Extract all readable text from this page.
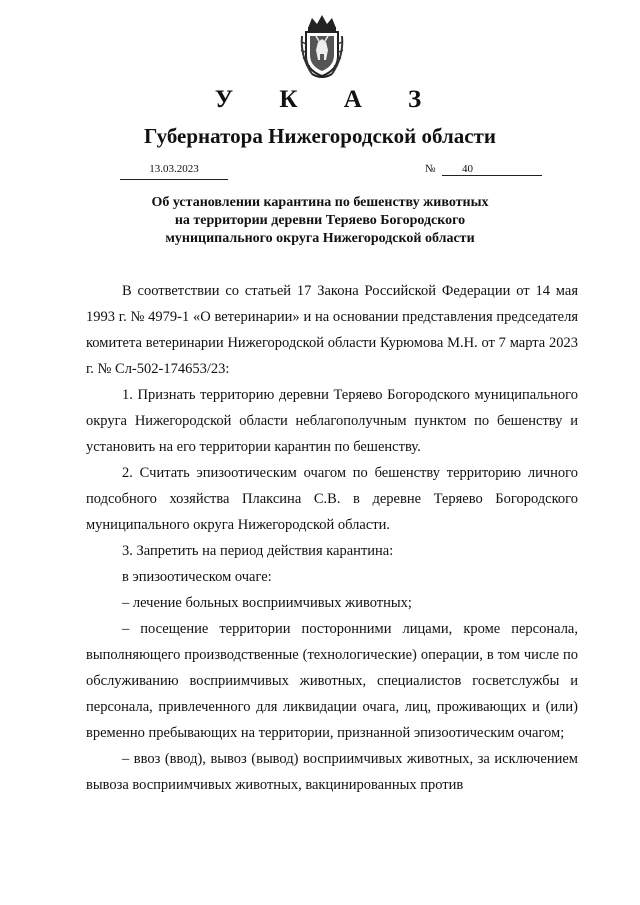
У К А З
Губернатора Нижегородской области
13.03.2023	№	40
Об установлении карантина по бешенству животных
на территории деревни Теряево Богородского
муниципального округа Нижегородской области

В соответствии со статьей 17 Закона Российской Федерации от 14 мая 1993 г. № 4979-1 «О ветеринарии» и на основании представления председателя комитета ветеринарии Нижегородской области Курюмова М.Н. от 7 марта 2023 г. № Сл-502-174653/23:

1. Признать территорию деревни Теряево Богородского муниципального округа Нижегородской области неблагополучным пунктом по бешенству и установить на его территории карантин по бешенству.

2. Считать эпизоотическим очагом по бешенству территорию личного подсобного хозяйства Плаксина С.В. в деревне Теряево Богородского муниципального округа Нижегородской области.

3. Запретить на период действия карантина:

в эпизоотическом очаге:

– лечение больных восприимчивых животных;

– посещение территории посторонними лицами, кроме персонала, выполняющего производственные (технологические) операции, в том числе по обслуживанию восприимчивых животных, специалистов госветслужбы и персонала, привлеченного для ликвидации очага, лиц, проживающих и (или) временно пребывающих на территории, признанной эпизоотическим очагом;

– ввоз (ввод), вывоз (вывод) восприимчивых животных, за исключением вывоза восприимчивых животных, вакцинированных против
